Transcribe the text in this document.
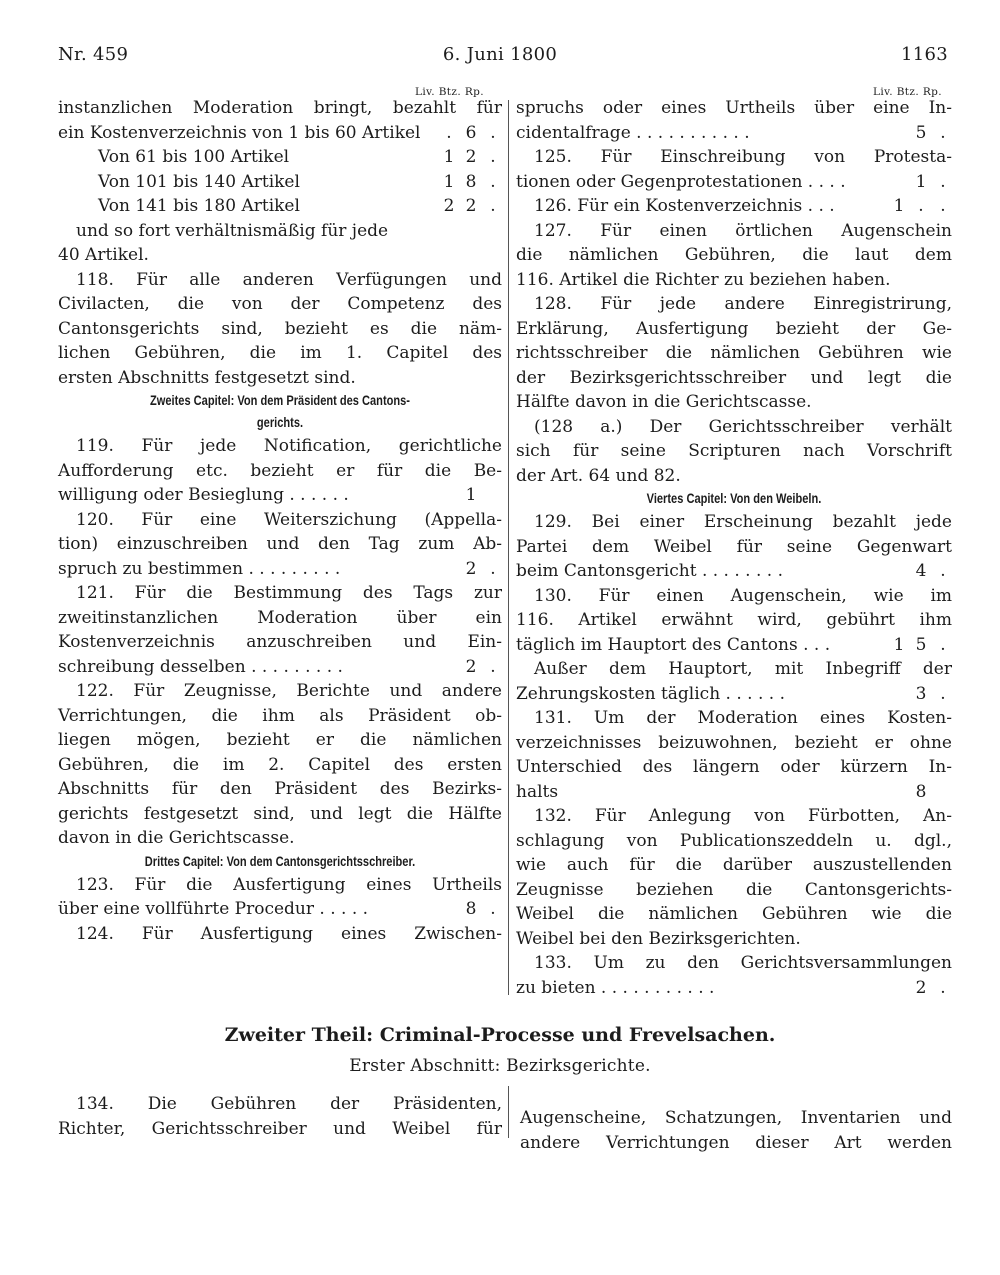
Nr. 459	6. Juni 1800	1163
Liv. Btz. Rp.	Liv. Btz. Rp.
instanzlichen Moderation bringt, bezahlt für
ein Kostenverzeichnis von 1 bis 60 Artikel	. 6 .
Von 61 bis 100 Artikel	1 2 .
Von 101 bis 140 Artikel	1 8 .
Von 141 bis 180 Artikel	2 2 .
und so fort verhältnismäßig für jede
40 Artikel.
118. Für alle anderen Verfügungen und
Civilacten, die von der Competenz des
Cantonsgerichts sind, bezieht es die näm-
lichen Gebühren, die im 1. Capitel des
ersten Abschnitts festgesetzt sind.
Zweites Capitel: Von dem Präsident des Cantons-
gerichts.
119. Für jede Notification, gerichtliche
Aufforderung etc. bezieht er für die Be-
willigung oder Besieglung . . . . . .	1
120. Für eine Weiterszichung (Appella-
tion) einzuschreiben und den Tag zum Ab-
spruch zu bestimmen . . . . . . . . .	2 .
121. Für die Bestimmung des Tags zur
zweitinstanzlichen Moderation über ein
Kostenverzeichnis anzuschreiben und Ein-
schreibung desselben . . . . . . . . .	2 .
122. Für Zeugnisse, Berichte und andere
Verrichtungen, die ihm als Präsident ob-
liegen mögen, bezieht er die nämlichen
Gebühren, die im 2. Capitel des ersten
Abschnitts für den Präsident des Bezirks-
gerichts festgesetzt sind, und legt die Hälfte
davon in die Gerichtscasse.
Drittes Capitel: Von dem Cantonsgerichtsschreiber.
123. Für die Ausfertigung eines Urtheils
über eine vollführte Procedur . . . . .	8 .
124. Für Ausfertigung eines Zwischen-
spruchs oder eines Urtheils über eine In-
cidentalfrage . . . . . . . . . . .	5 .
125. Für Einschreibung von Protesta-
tionen oder Gegenprotestationen . . . .	1 .
126. Für ein Kostenverzeichnis . . .	1 . .
127. Für einen örtlichen Augenschein
die nämlichen Gebühren, die laut dem
116. Artikel die Richter zu beziehen haben.
128. Für jede andere Einregistrirung,
Erklärung, Ausfertigung bezieht der Ge-
richtsschreiber die nämlichen Gebühren wie
der Bezirksgerichtsschreiber und legt die
Hälfte davon in die Gerichtscasse.
(128 a.) Der Gerichtsschreiber verhält
sich für seine Scripturen nach Vorschrift
der Art. 64 und 82.
Viertes Capitel: Von den Weibeln.
129. Bei einer Erscheinung bezahlt jede
Partei dem Weibel für seine Gegenwart
beim Cantonsgericht . . . . . . . .	4 .
130. Für einen Augenschein, wie im
116. Artikel erwähnt wird, gebührt ihm
täglich im Hauptort des Cantons . . .	1 5 .
Außer dem Hauptort, mit Inbegriff der
Zehrungskosten täglich . . . . . .	3 .
131. Um der Moderation eines Kosten-
verzeichnisses beizuwohnen, bezieht er ohne
Unterschied des längern oder kürzern In-
halts	8
132. Für Anlegung von Fürbotten, An-
schlagung von Publicationszeddeln u. dgl.,
wie auch für die darüber auszustellenden
Zeugnisse beziehen die Cantonsgerichts-
Weibel die nämlichen Gebühren wie die
Weibel bei den Bezirksgerichten.
133. Um zu den Gerichtsversammlungen
zu bieten . . . . . . . . . . .	2 .
Zweiter Theil: Criminal-Processe und Frevelsachen.
Erster Abschnitt: Bezirksgerichte.
134. Die Gebühren der Präsidenten,
Richter, Gerichtsschreiber und Weibel für
Augenscheine, Schatzungen, Inventarien und
andere Verrichtungen dieser Art werden
